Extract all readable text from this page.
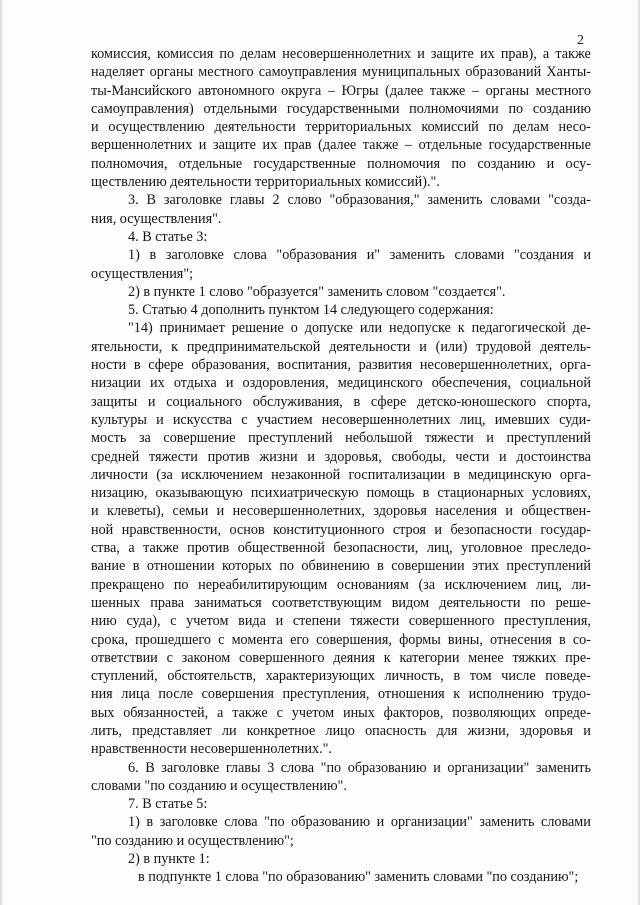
2
комиссия, комиссия по делам несовершеннолетних и защите их прав), а также
наделяет органы местного самоуправления муниципальных образований Ханты-
ты-Мансийского автономного округа – Югры (далее также – органы местного
самоуправления) отдельными государственными полномочиями по созданию
и осуществлению деятельности территориальных комиссий по делам несо-
вершеннолетних и защите их прав (далее также – отдельные государственные
полномочия, отдельные государственные полномочия по созданию и осу-
ществлению деятельности территориальных комиссий).".
3. В заголовке главы 2 слово "образования," заменить словами "созда-
ния, осуществления".
4. В статье 3:
1) в заголовке слова "образования и" заменить словами "создания и
осуществления";
2) в пункте 1 слово "образуется" заменить словом "создается".
5. Статью 4 дополнить пунктом 14 следующего содержания:
"14) принимает решение о допуске или недопуске к педагогической де-
ятельности, к предпринимательской деятельности и (или) трудовой деятель-
ности в сфере образования, воспитания, развития несовершеннолетних, орга-
низации их отдыха и оздоровления, медицинского обеспечения, социальной
защиты и социального обслуживания, в сфере детско-юношеского спорта,
культуры и искусства с участием несовершеннолетних лиц, имевших суди-
мость за совершение преступлений небольшой тяжести и преступлений
средней тяжести против жизни и здоровья, свободы, чести и достоинства
личности (за исключением незаконной госпитализации в медицинскую орга-
низацию, оказывающую психиатрическую помощь в стационарных условиях,
и клеветы), семьи и несовершеннолетних, здоровья населения и обществен-
ной нравственности, основ конституционного строя и безопасности государ-
ства, а также против общественной безопасности, лиц, уголовное преследо-
вание в отношении которых по обвинению в совершении этих преступлений
прекращено по нереабилитирующим основаниям (за исключением лиц, ли-
шенных права заниматься соответствующим видом деятельности по реше-
нию суда), с учетом вида и степени тяжести совершенного преступления,
срока, прошедшего с момента его совершения, формы вины, отнесения в со-
ответствии с законом совершенного деяния к категории менее тяжких пре-
ступлений, обстоятельств, характеризующих личность, в том числе поведе-
ния лица после совершения преступления, отношения к исполнению трудо-
вых обязанностей, а также с учетом иных факторов, позволяющих опреде-
лить, представляет ли конкретное лицо опасность для жизни, здоровья и
нравственности несовершеннолетних.".
6. В заголовке главы 3 слова "по образованию и организации" заменить
словами "по созданию и осуществлению".
7. В статье 5:
1) в заголовке слова "по образованию и организации" заменить словами
"по созданию и осуществлению";
2) в пункте 1:
в подпункте 1 слова "по образованию" заменить словами "по созданию";
